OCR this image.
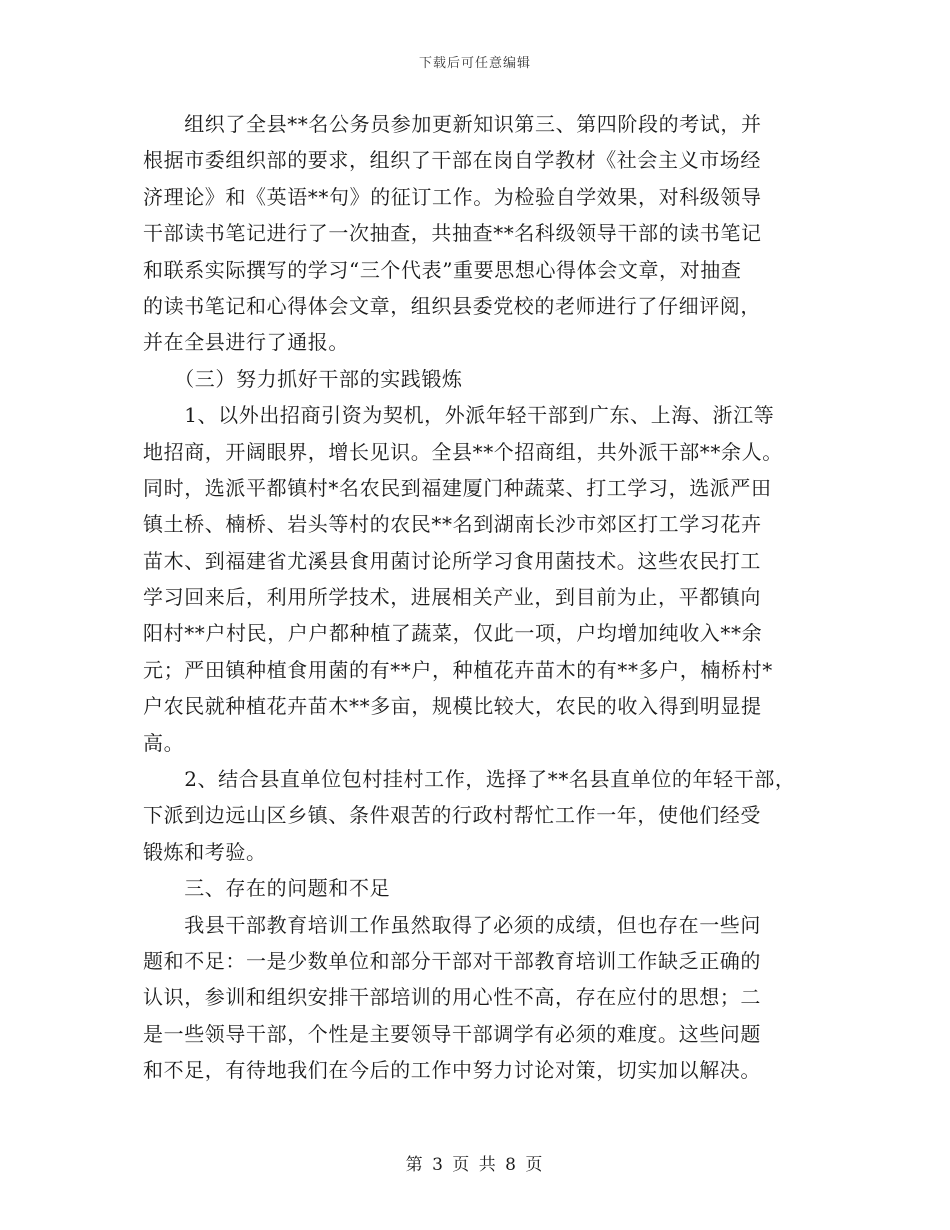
下载后可任意编辑
　　组织了全县**名公务员参加更新知识第三、第四阶段的考试，并
根据市委组织部的要求，组织了干部在岗自学教材《社会主义市场经
济理论》和《英语**句》的征订工作。为检验自学效果，对科级领导
干部读书笔记进行了一次抽查，共抽查**名科级领导干部的读书笔记
和联系实际撰写的学习“三个代表”重要思想心得体会文章，对抽查
的读书笔记和心得体会文章，组织县委党校的老师进行了仔细评阅，
并在全县进行了通报。
　　（三）努力抓好干部的实践锻炼
　　1、以外出招商引资为契机，外派年轻干部到广东、上海、浙江等
地招商，开阔眼界，增长见识。全县**个招商组，共外派干部**余人。
同时，选派平都镇村*名农民到福建厦门种蔬菜、打工学习，选派严田
镇土桥、楠桥、岩头等村的农民**名到湖南长沙市郊区打工学习花卉
苗木、到福建省尤溪县食用菌讨论所学习食用菌技术。这些农民打工
学习回来后，利用所学技术，进展相关产业，到目前为止，平都镇向
阳村**户村民，户户都种植了蔬菜，仅此一项，户均增加纯收入**余
元；严田镇种植食用菌的有**户，种植花卉苗木的有**多户，楠桥村*
户农民就种植花卉苗木**多亩，规模比较大，农民的收入得到明显提
高。
　　2、结合县直单位包村挂村工作，选择了**名县直单位的年轻干部，
下派到边远山区乡镇、条件艰苦的行政村帮忙工作一年，使他们经受
锻炼和考验。
　　三、存在的问题和不足
　　我县干部教育培训工作虽然取得了必须的成绩，但也存在一些问
题和不足：一是少数单位和部分干部对干部教育培训工作缺乏正确的
认识，参训和组织安排干部培训的用心性不高，存在应付的思想；二
是一些领导干部，个性是主要领导干部调学有必须的难度。这些问题
和不足，有待地我们在今后的工作中努力讨论对策，切实加以解决。
第 3 页 共 8 页
